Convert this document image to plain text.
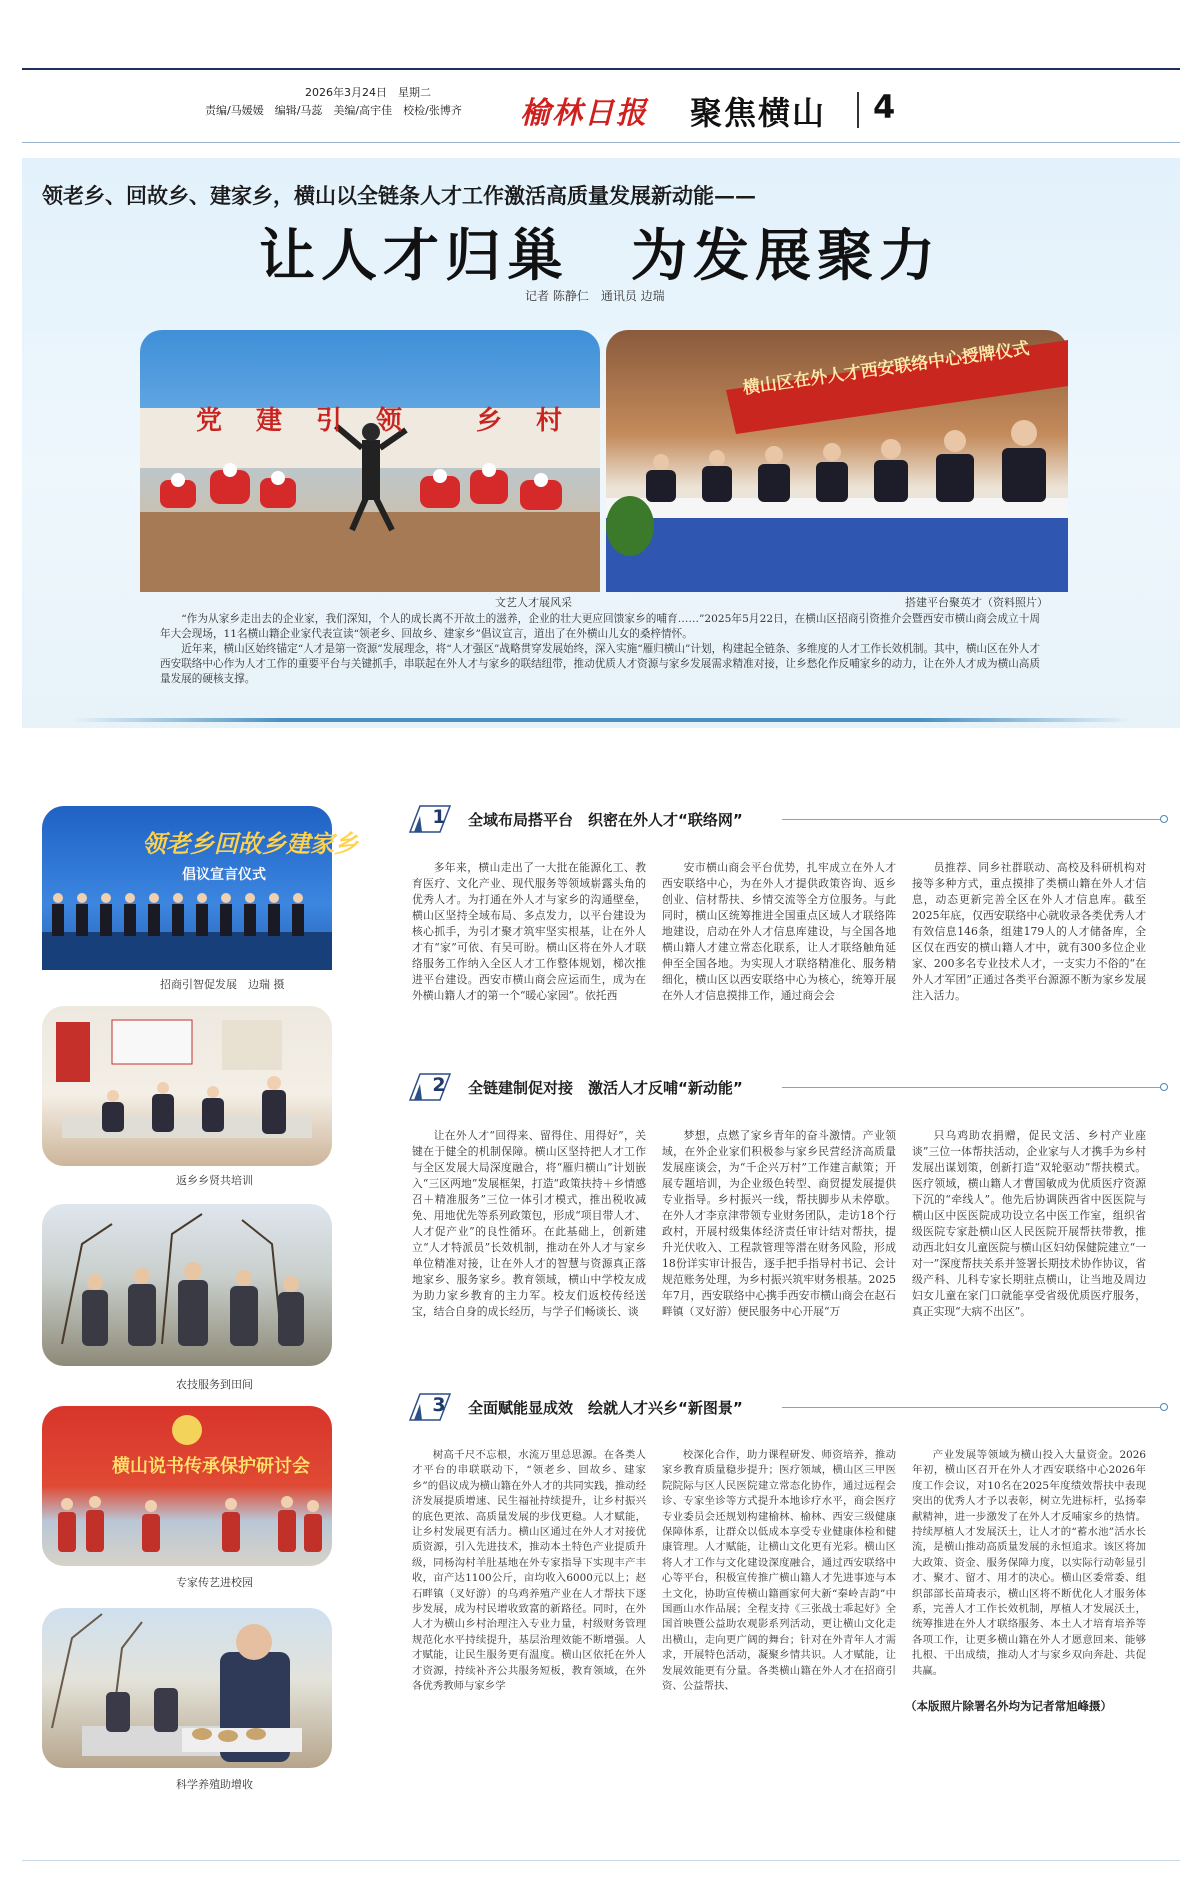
2026年3月24日　星期二
责编/马媛媛　编辑/马蕊　美编/高宇佳　校检/张博齐 榆林日报 聚焦横山 4
领老乡、回故乡、建家乡，横山以全链条人才工作激活高质量发展新动能——
让人才归巢　为发展聚力
记者 陈静仁　通讯员 边瑞
党 建 引 领	乡 村
横山区在外人才西安联络中心授牌仪式
文艺人才展风采	搭建平台聚英才（资料照片）

“作为从家乡走出去的企业家，我们深知，个人的成长离不开故土的滋养，企业的壮大更应回馈家乡的哺育……”2025年5月22日，在横山区招商引资推介会暨西安市横山商会成立十周年大会现场，11名横山籍企业家代表宣读“领老乡、回故乡、建家乡”倡议宣言，道出了在外横山儿女的桑梓情怀。

近年来，横山区始终锚定“人才是第一资源”发展理念，将“人才强区”战略贯穿发展始终，深入实施“雁归横山”计划，构建起全链条、多维度的人才工作长效机制。其中，横山区在外人才西安联络中心作为人才工作的重要平台与关键抓手，串联起在外人才与家乡的联结纽带，推动优质人才资源与家乡发展需求精准对接，让乡愁化作反哺家乡的动力，让在外人才成为横山高质量发展的硬核支撑。

领老乡回故乡建家乡
倡议宣言仪式
招商引智促发展　边瑞 摄
返乡乡贤共培训
农技服务到田间
横山说书传承保护研讨会
专家传艺进校园
科学养殖助增收
1	全域布局搭平台　织密在外人才“联络网”

多年来，横山走出了一大批在能源化工、教育医疗、文化产业、现代服务等领域崭露头角的优秀人才。为打通在外人才与家乡的沟通壁垒，横山区坚持全域布局、多点发力，以平台建设为核心抓手，为引才聚才筑牢坚实根基，让在外人才有“家”可依、有吴可盼。横山区将在外人才联络服务工作纳入全区人才工作整体规划，梯次推进平台建设。西安市横山商会应运而生，成为在外横山籍人才的第一个“暖心家园”。依托西

安市横山商会平台优势，扎牢成立在外人才西安联络中心，为在外人才提供政策咨询、返乡创业、信材帮扶、乡情交流等全方位服务。与此同时，横山区统筹推进全国重点区域人才联络阵地建设，启动在外人才信息库建设，与全国各地横山籍人才建立常态化联系，让人才联络触角延伸至全国各地。为实现人才联络精准化、服务精细化，横山区以西安联络中心为核心，统筹开展在外人才信息摸排工作，通过商会会

员推荐、同乡社群联动、高校及科研机构对接等多种方式，重点摸排了类横山籍在外人才信息，动态更新完善全区在外人才信息库。截至2025年底，仅西安联络中心就收录各类优秀人才有效信息146条，组建179人的人才储备库，全区仅在西安的横山籍人才中，就有300多位企业家、200多名专业技术人才，一支实力不俗的“在外人才军团”正通过各类平台源源不断为家乡发展注入活力。

2	全链建制促对接　激活人才反哺“新动能”

让在外人才“回得来、留得住、用得好”，关键在于健全的机制保障。横山区坚持把人才工作与全区发展大局深度融合，将“雁归横山”计划嵌入“三区两地”发展框架，打造“政策扶持＋乡情感召＋精准服务”三位一体引才模式，推出税收减免、用地优先等系列政策包，形成“项目带人才、人才促产业”的良性循环。在此基础上，创新建立“人才特派员”长效机制，推动在外人才与家乡单位精准对接，让在外人才的智慧与资源真正落地家乡、服务家乡。教育领域，横山中学校友成为助力家乡教育的主力军。校友们返校传经送宝，结合自身的成长经历，与学子们畅谈长、谈

梦想，点燃了家乡青年的奋斗激情。产业领域，在外企业家们积极参与家乡民营经济高质量发展座谈会，为“千企兴万村”工作建言献策；开展专题培训，为企业级色转型、商贸提发展提供专业指导。乡村振兴一线，帮扶脚步从未停歇。在外人才李京津带领专业财务团队，走访18个行政村，开展村级集体经济责任审计结对帮扶，提升光伏收入、工程款管理等潜在财务风险，形成18份详实审计报告，逐手把手指导村书记、会计规范账务处理，为乡村振兴筑牢财务根基。2025年7月，西安联络中心携手西安市横山商会在赵石畔镇（叉好游）便民服务中心开展“万

只乌鸡助农捐赠，促民文活、乡村产业座谈”三位一体帮扶活动，企业家与人才携手为乡村发展出谋划策，创新打造“双轮驱动”帮扶模式。医疗领域，横山籍人才曹国敏成为优质医疗资源下沉的“牵线人”。他先后协调陕西省中医医院与横山区中医医院成功设立名中医工作室，组织省级医院专家赴横山区人民医院开展帮扶带教，推动西北妇女儿童医院与横山区妇幼保健院建立“一对一”深度帮扶关系并签署长期技术协作协议，省级产科、儿科专家长期驻点横山，让当地及周边妇女儿童在家门口就能享受省级优质医疗服务，真正实现“大病不出区”。

3	全面赋能显成效　绘就人才兴乡“新图景”

树高千尺不忘根，水流万里总思源。在各类人才平台的串联联动下，“领老乡、回故乡、建家乡”的倡议成为横山籍在外人才的共同实践，推动经济发展提质增速、民生福祉持续提升，让乡村振兴的底色更浓、高质量发展的步伐更稳。人才赋能，让乡村发展更有活力。横山区通过在外人才对接优质资源，引入先进技术，推动本土特色产业提质升级，同杨沟村羊肚基地在外专家指导下实现丰产丰收，亩产达1100公斤，亩均收入6000元以上；赵石畔镇（叉好游）的乌鸡养殖产业在人才帮扶下逐步发展，成为村民增收致富的新路径。同时，在外人才为横山乡村治理注入专业力量，村级财务管理规范化水平持续提升，基层治理效能不断增强。人才赋能，让民生服务更有温度。横山区依托在外人才资源，持续补齐公共服务短板，教育领域，在外各优秀教师与家乡学

校深化合作，助力课程研发、师资培养，推动家乡教育质量稳步提升；医疗领域，横山区三甲医院院际与区人民医院建立常态化协作，通过远程会诊、专家坐诊等方式提升本地诊疗水平，商会医疗专业委员会还规划构建榆林、榆林、西安三级健康保障体系，让群众以低成本享受专业健康体检和健康管理。人才赋能，让横山文化更有光彩。横山区将人才工作与文化建设深度融合，通过西安联络中心等平台，积极宣传推广横山籍人才先进事迹与本土文化，协助宣传横山籍画家何大新“秦岭吉韵”中国画山水作品展；全程支持《三张战士乖起好》全国首映暨公益助农观影系列活动，更让横山文化走出横山，走向更广阔的舞台；针对在外青年人才需求，开展特色活动，凝聚乡情共识。人才赋能，让发展效能更有分量。各类横山籍在外人才在招商引资、公益帮扶、

产业发展等领域为横山投入大量资金。2026年初，横山区召开在外人才西安联络中心2026年度工作会议，对10名在2025年度绩效帮扶中表现突出的优秀人才予以表彰，树立先进标杆，弘扬奉献精神，进一步激发了在外人才反哺家乡的热情。持续厚植人才发展沃土，让人才的“蓄水池”活水长流，是横山推动高质量发展的永恒追求。该区将加大政策、资金、服务保障力度，以实际行动彰显引才、聚才、留才、用才的决心。横山区委常委、组织部部长苗琦表示，横山区将不断优化人才服务体系，完善人才工作长效机制，厚植人才发展沃土，统筹推进在外人才联络服务、本土人才培育培养等各项工作，让更多横山籍在外人才愿意回来、能够扎根、干出成绩，推动人才与家乡双向奔赴、共促共赢。

（本版照片除署名外均为记者常旭峰摄）
